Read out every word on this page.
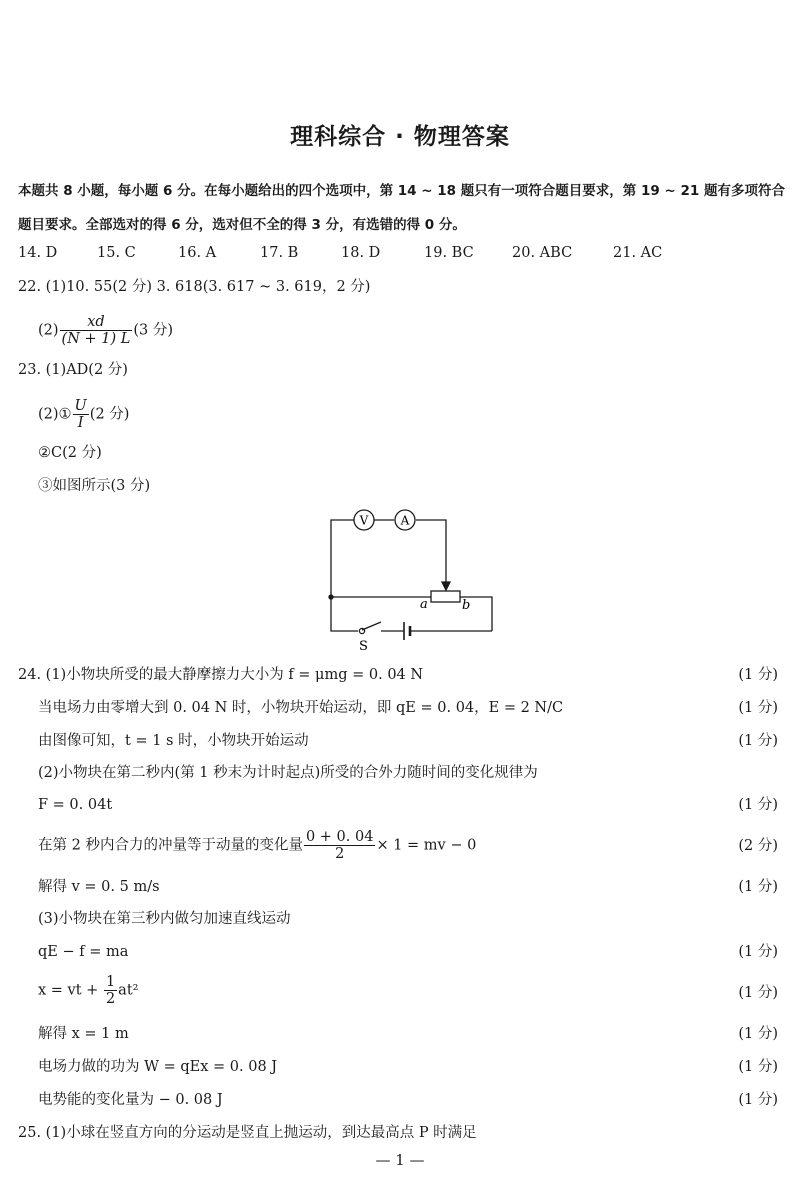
理科综合 · 物理答案
本题共 8 小题，每小题 6 分。在每小题给出的四个选项中，第 14 ~ 18 题只有一项符合题目要求，第 19 ~ 21 题有多项符合题目要求。全部选对的得 6 分，选对但不全的得 3 分，有选错的得 0 分。
14. D	15. C	16. A	17. B	18. D	19. BC	20. ABC	21. AC
22. (1)10. 55(2 分) 3. 618(3. 617 ~ 3. 619，2 分)
$(2) \frac{xd}{(N + 1) L} (3$ 分)
23. (1)AD(2 分)
(2)① $\frac{U}{I} (2$ 分)
②C(2 分)
③如图所示(3 分)
V	A
a	b
S
24. (1)小物块所受的最大静摩擦力大小为 f = μmg = 0. 04 N	(1 分)
当电场力由零增大到 0. 04 N 时，小物块开始运动，即 qE = 0. 04，E = 2 N/C	(1 分)
由图像可知，t = 1 s 时，小物块开始运动	(1 分)
(2)小物块在第二秒内(第 1 秒末为计时起点)所受的合外力随时间的变化规律为
F = 0. 04t	(1 分)
在第 2 秒内合力的冲量等于动量的变化量 $\frac{0 + 0. 04}{2} \times 1$ = mv − 0	(2 分)
解得 v = 0. 5 m/s	(1 分)
(3)小物块在第三秒内做匀加速直线运动
qE − f = ma	(1 分)
x = vt + $\frac{1}{2} at^2$	(1 分)
解得 x = 1 m	(1 分)
电场力做的功为 W = qEx = 0. 08 J	(1 分)
电势能的变化量为 − 0. 08 J	(1 分)
25. (1)小球在竖直方向的分运动是竖直上抛运动，到达最高点 P 时满足
— 1 —
